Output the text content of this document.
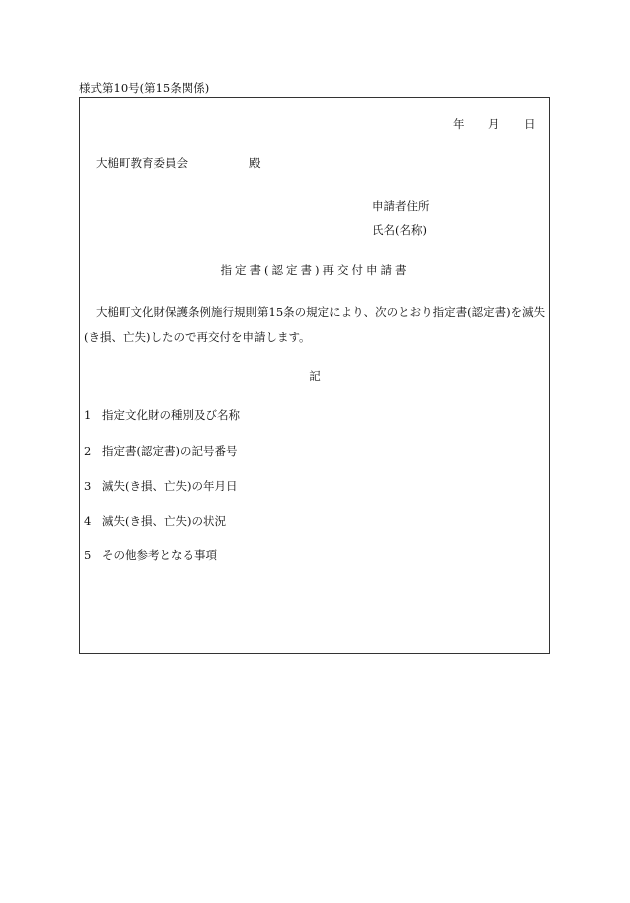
様式第10号(第15条関係)
年 月 日
大槌町教育委員会	殿
申請者住所
氏名(名称)
指定書(認定書)再交付申請書
大槌町文化財保護条例施行規則第15条の規定により、次のとおり指定書(認定書)を滅失(き損、亡失)したので再交付を申請します。
記
1 指定文化財の種別及び名称
2 指定書(認定書)の記号番号
3 滅失(き損、亡失)の年月日
4 滅失(き損、亡失)の状況
5 その他参考となる事項
